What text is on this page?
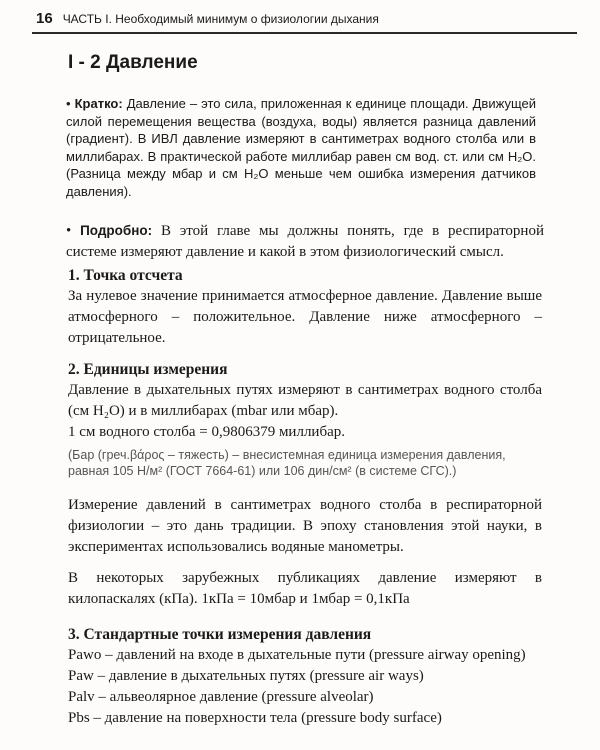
16 ЧАСТЬ I. Необходимый минимум о физиологии дыхания
I - 2 Давление

• Кратко: Давление – это сила, приложенная к единице площади. Движущей силой перемещения вещества (воздуха, воды) является разница давлений (градиент). В ИВЛ давление измеряют в сантиметрах водного столба или в миллибарах. В практической работе миллибар равен см вод. ст. или см H₂O. (Разница между мбар и см H₂O меньше чем ошибка измерения датчиков давления).

• Подробно: В этой главе мы должны понять, где в респираторной системе измеряют давление и какой в этом физиологический смысл.

1. Точка отсчета

За нулевое значение принимается атмосферное давление. Давление выше атмосферного – положительное. Давление ниже атмосферного – отрицательное.

2. Единицы измерения

Давление в дыхательных путях измеряют в сантиметрах водного столба (см H₂O) и в миллибарах (mbar или мбар).

1 см водного столба = 0,9806379 миллибар.

(Бар (греч.βάρος – тяжесть) – внесистемная единица измерения давления, равная 105 Н/м² (ГОСТ 7664-61) или 106 дин/см² (в системе СГС).)

Измерение давлений в сантиметрах водного столба в респираторной физиологии – это дань традиции. В эпоху становления этой науки, в экспериментах использовались водяные манометры.

В некоторых зарубежных публикациях давление измеряют в килопаскалях (кПа). 1кПа = 10мбар и 1мбар = 0,1кПа

3. Стандартные точки измерения давления

Pawo – давлений на входе в дыхательные пути (pressure airway opening)

Paw – давление в дыхательных путях (pressure air ways)

Palv – альвеолярное давление (pressure alveolar)

Pbs – давление на поверхности тела (pressure body surface)
